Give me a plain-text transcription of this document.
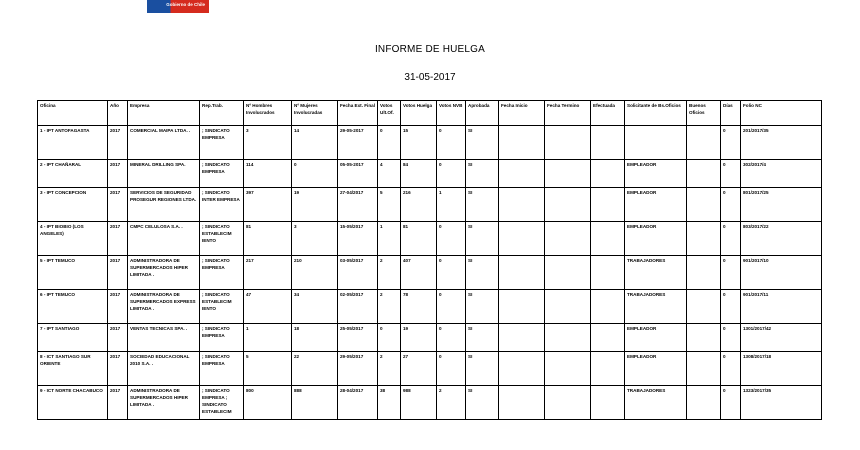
Gobierno de Chile
INFORME DE HUELGA
31-05-2017
Oficina	Año	Empresa	Rep.Trab.	Nº Hombres Involucrados	Nº Mujeres Involucradas	Fecha Ext. Final	Votos Ult.Of.	Votos Huelga	Votos NVB	Aprobada	Fecha Inicio	Fecha Termino	Efectuada	Solicitante de Bs.Oficios	Buenos Oficios	Días	Folio NC
1 - IPT ANTOFAGASTA	2017	COMERCIAL MAIPA LTDA. .	; SINDICATO EMPRESA	3	14	29-05-2017	0	15	0	SI						0	201/2017/35
2 - IPT CHAÑARAL	2017	MINERAL DRILLING SPA.	; SINDICATO EMPRESA	114	0	05-05-2017	4	84	0	SI				EMPLEADOR		0	302/2017/4
3 - IPT CONCEPCION	2017	SERVICIOS DE SEGURIDAD PROSEGUR REGIONES LTDA.	; SINDICATO INTER EMPRESA	397	19	27-04/2017	5	216	1	SI				EMPLEADOR		0	801/2017/25
4 - IPT BIOBIO (LOS ANGELES)	2017	CMPC CELULOSA S.A. .	; SINDICATO ESTABLECIM IENTO	81	3	15-05/2017	1	81	0	SI				EMPLEADOR		0	803/2017/22
5 - IPT TEMUCO	2017	ADMINISTRADORA DE SUPERMERCADOS HIPER LIMITADA .	; SINDICATO EMPRESA	217	210	03-05/2017	2	407	0	SI				TRABAJADORES		0	901/2017/10
6 - IPT TEMUCO	2017	ADMINISTRADORA DE SUPERMERCADOS EXPRESS LIMITADA .	; SINDICATO ESTABLECIM IENTO	47	34	02-05/2017	2	78	0	SI				TRABAJADORES		0	901/2017/11
7 - IPT SANTIAGO	2017	VENTAS TECNICAS SPA. .	; SINDICATO EMPRESA	1	18	25-05/2017	0	19	0	SI				EMPLEADOR		0	1301/2017/42
8 - ICT SANTIAGO SUR ORIENTE	2017	SOCIEDAD EDUCACIONAL 2010 S.A. .	; SINDICATO EMPRESA	5	22	29-05/2017	2	27	0	SI				EMPLEADOR		0	1308/2017/18
9 - ICT NORTE CHACABUCO	2017	ADMINISTRADORA DE SUPERMERCADOS HIPER LIMITADA .	; SINDICATO EMPRESA ; SINDICATO ESTABLECIM	800	888	28-04/2017	38	988	2	SI				TRABAJADORES		0	1323/2017/35
